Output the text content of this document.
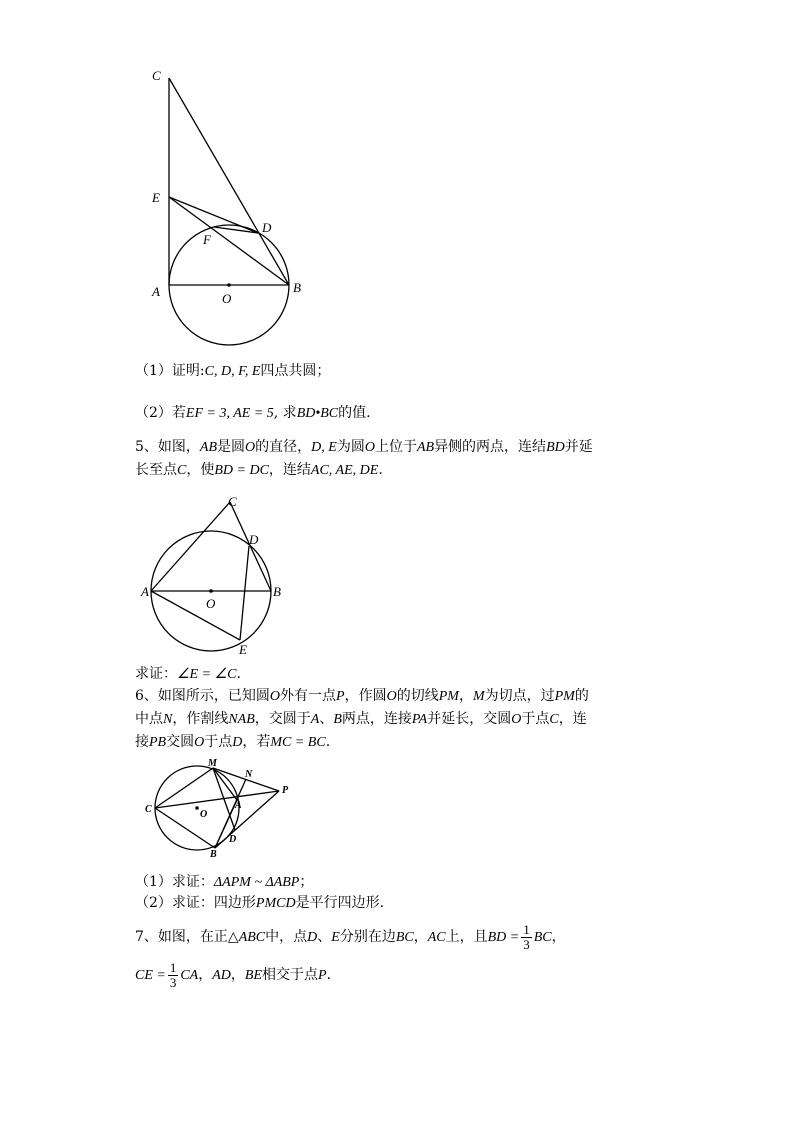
C
E
F
D
A	O
B
（1）证明:C, D, F, E四点共圆；
（2）若EF = 3, AE = 5, 求BD•BC的值.
5、如图，AB是圆O的直径，D, E为圆O上位于AB异侧的两点，连结BD并延
长至点C，使BD = DC，连结AC, AE, DE.
C
D
A
O
B
E
求证：∠E = ∠C.
6、如图所示，已知圆O外有一点P，作圆O的切线PM，M为切点，过PM的
中点N，作割线NAB，交圆于A、B两点，连接PA并延长，交圆O于点C，连
接PB交圆O于点D，若MC = BC.
M
N
P
C	O
A
D
B
（1）求证：ΔAPM ~ ΔABP；
（2）求证：四边形PMCD是平行四边形.
7、如图，在正△ABC中，点D、E分别在边BC，AC上，且BD = $\frac{1}{3}$ BC，
CE = $\frac{1}{3}$ CA，AD，BE相交于点P.
